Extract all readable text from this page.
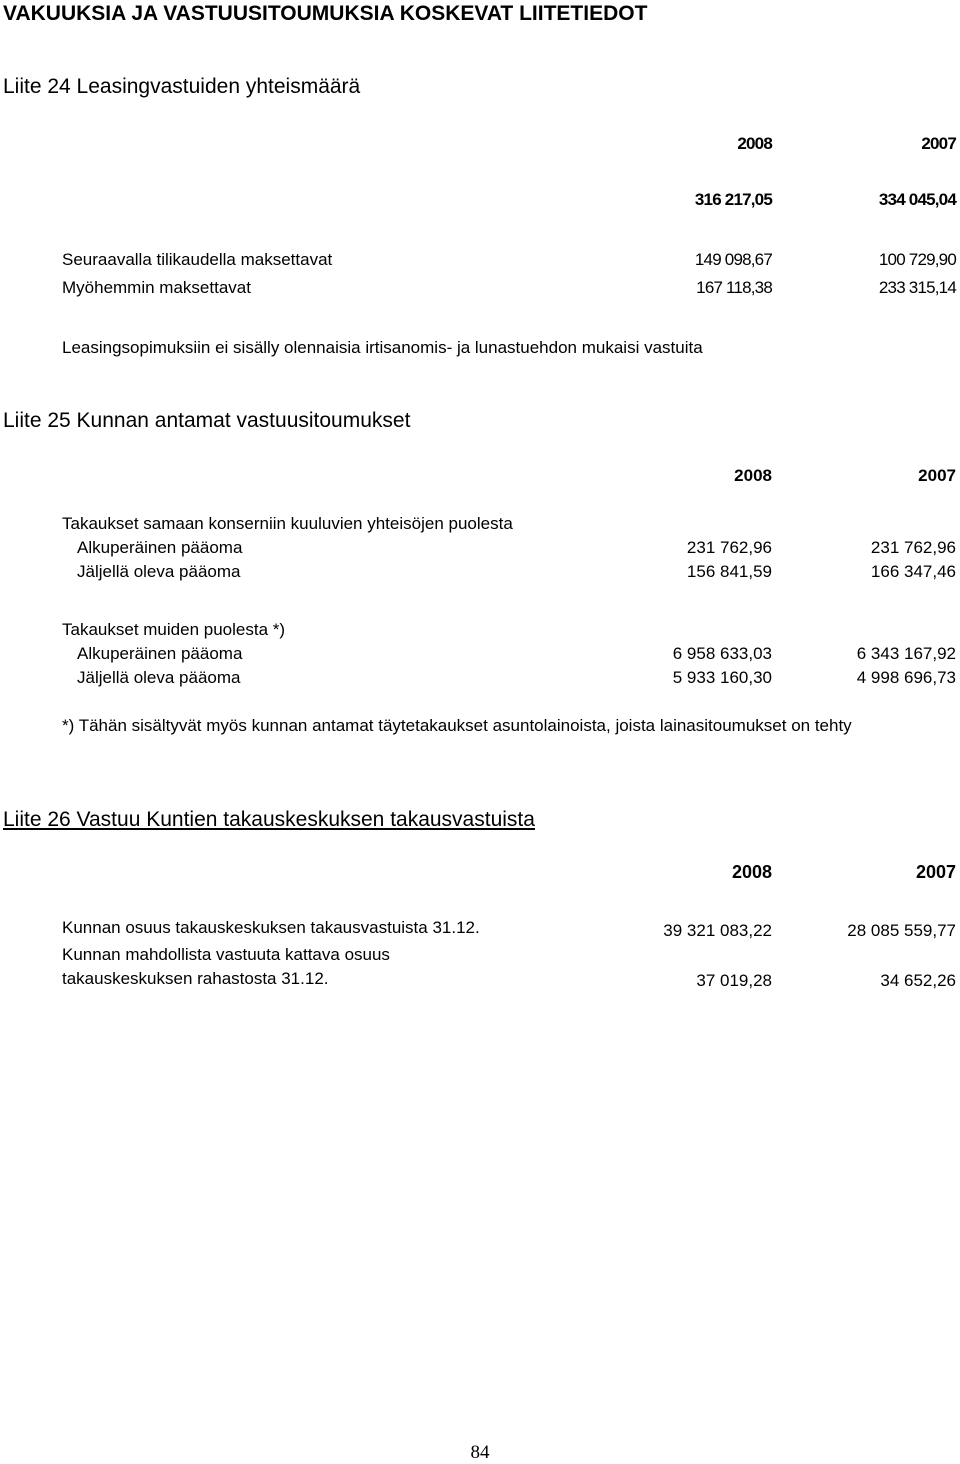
VAKUUKSIA JA VASTUUSITOUMUKSIA KOSKEVAT LIITETIEDOT
Liite 24 Leasingvastuiden yhteismäärä
2008	2007
316 217,05	334 045,04
Seuraavalla tilikaudella maksettavat	149 098,67	100 729,90
Myöhemmin maksettavat	167 118,38	233 315,14
Leasingsopimuksiin ei sisälly olennaisia irtisanomis- ja lunastuehdon mukaisi vastuita
Liite 25 Kunnan antamat vastuusitoumukset
2008	2007
Takaukset samaan konserniin kuuluvien yhteisöjen puolesta
Alkuperäinen pääoma	231 762,96	231 762,96
Jäljellä oleva pääoma	156 841,59	166 347,46
Takaukset muiden puolesta *)
Alkuperäinen pääoma	6 958 633,03	6 343 167,92
Jäljellä oleva pääoma	5 933 160,30	4 998 696,73
*) Tähän sisältyvät myös kunnan antamat täytetakaukset asuntolainoista, joista lainasitoumukset on tehty
Liite 26 Vastuu Kuntien takauskeskuksen takausvastuista
2008	2007
Kunnan osuus takauskeskuksen takausvastuista 31.12.	39 321 083,22	28 085 559,77
Kunnan mahdollista vastuuta kattava osuus
takauskeskuksen rahastosta 31.12.	37 019,28	34 652,26
84
